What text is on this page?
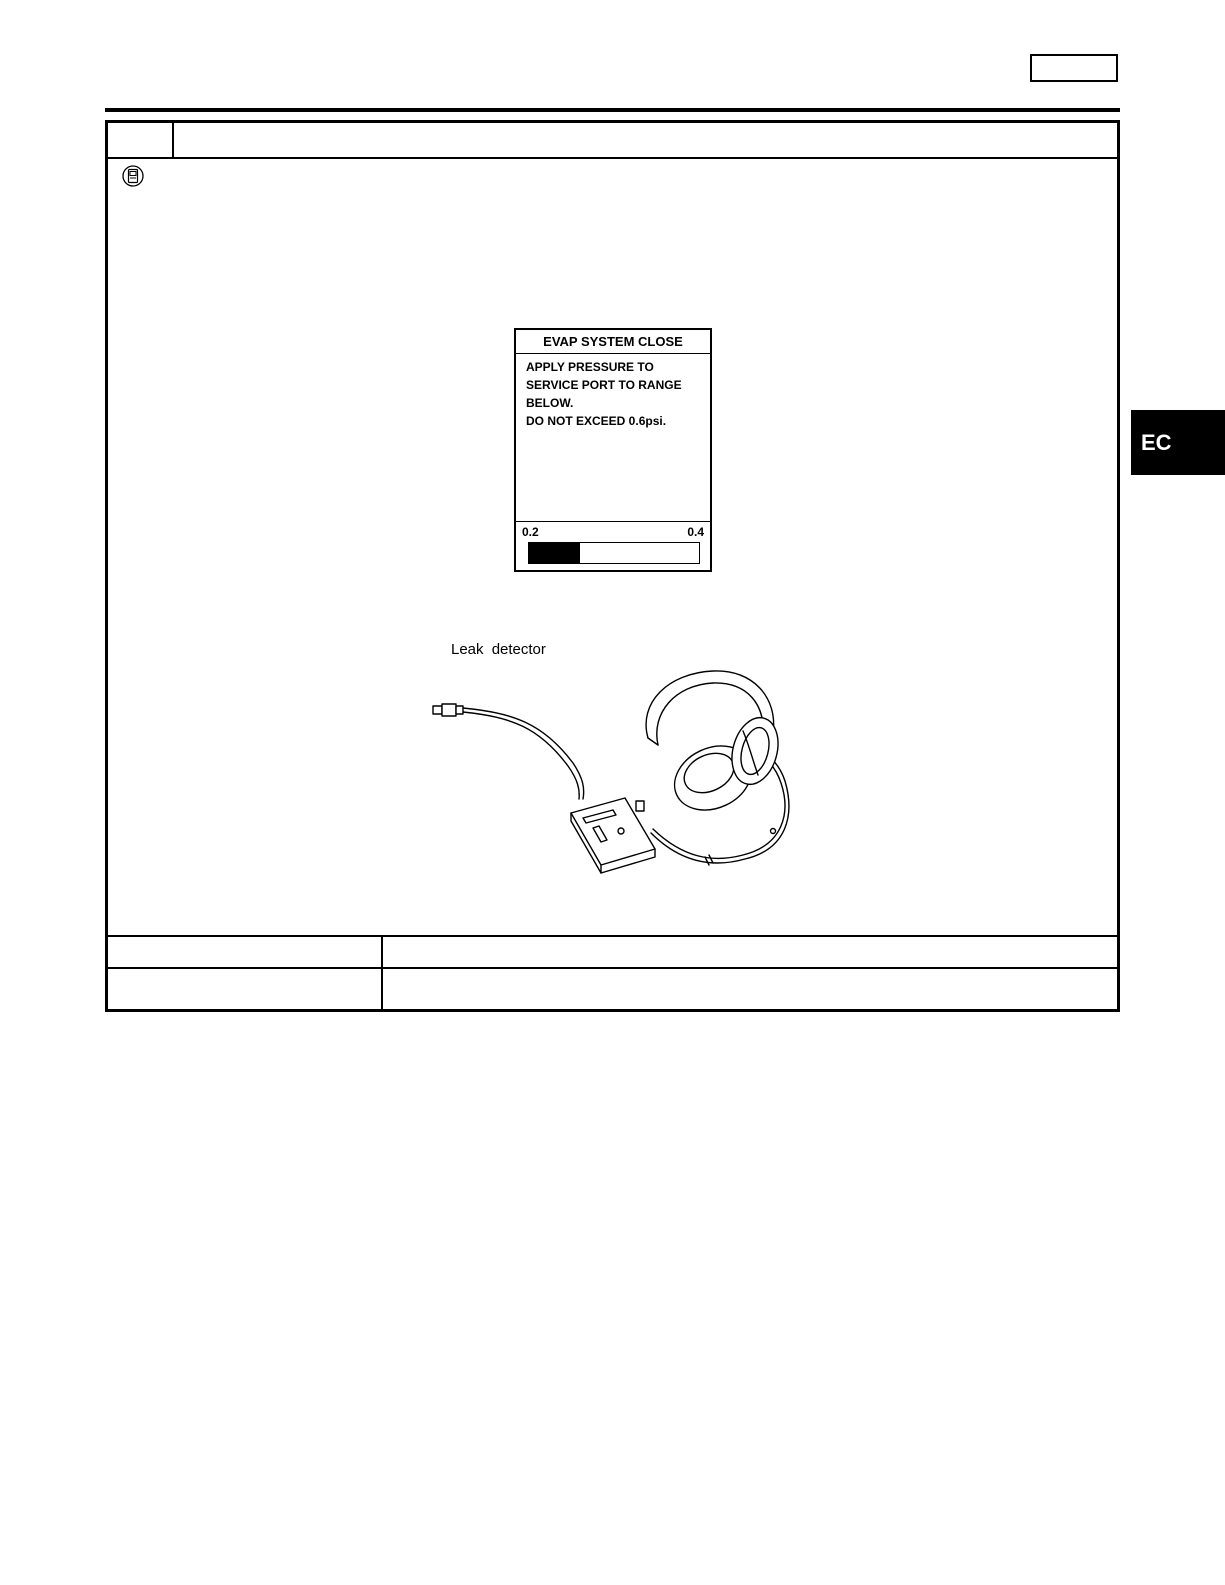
EVAP SYSTEM CLOSE
APPLY PRESSURE TO
SERVICE PORT TO RANGE
BELOW.
DO NOT EXCEED 0.6psi.
0.2	0.4
Leak detector
EC
